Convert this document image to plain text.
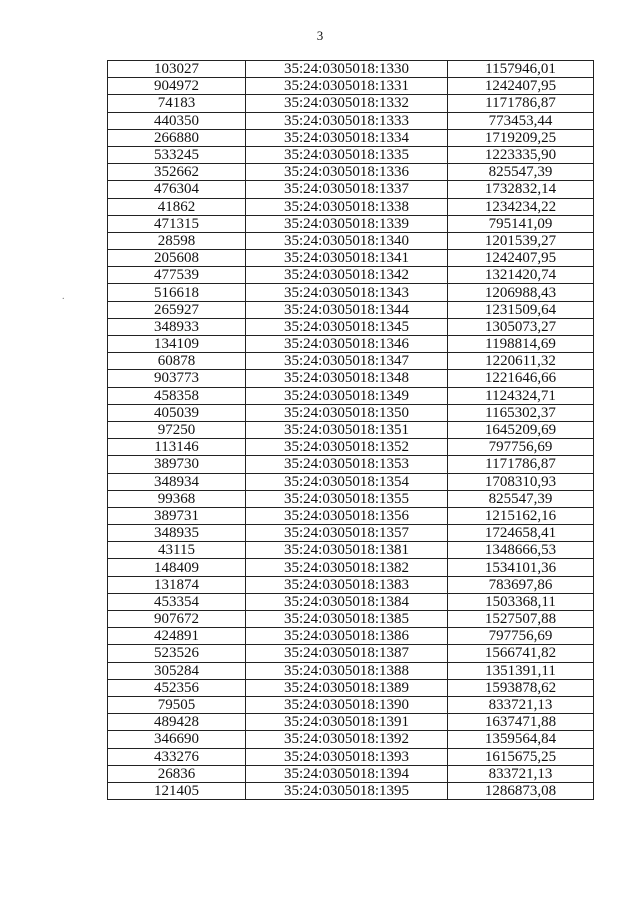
3
.
103027	35:24:0305018:1330	1157946,01
904972	35:24:0305018:1331	1242407,95
74183	35:24:0305018:1332	1171786,87
440350	35:24:0305018:1333	773453,44
266880	35:24:0305018:1334	1719209,25
533245	35:24:0305018:1335	1223335,90
352662	35:24:0305018:1336	825547,39
476304	35:24:0305018:1337	1732832,14
41862	35:24:0305018:1338	1234234,22
471315	35:24:0305018:1339	795141,09
28598	35:24:0305018:1340	1201539,27
205608	35:24:0305018:1341	1242407,95
477539	35:24:0305018:1342	1321420,74
516618	35:24:0305018:1343	1206988,43
265927	35:24:0305018:1344	1231509,64
348933	35:24:0305018:1345	1305073,27
134109	35:24:0305018:1346	1198814,69
60878	35:24:0305018:1347	1220611,32
903773	35:24:0305018:1348	1221646,66
458358	35:24:0305018:1349	1124324,71
405039	35:24:0305018:1350	1165302,37
97250	35:24:0305018:1351	1645209,69
113146	35:24:0305018:1352	797756,69
389730	35:24:0305018:1353	1171786,87
348934	35:24:0305018:1354	1708310,93
99368	35:24:0305018:1355	825547,39
389731	35:24:0305018:1356	1215162,16
348935	35:24:0305018:1357	1724658,41
43115	35:24:0305018:1381	1348666,53
148409	35:24:0305018:1382	1534101,36
131874	35:24:0305018:1383	783697,86
453354	35:24:0305018:1384	1503368,11
907672	35:24:0305018:1385	1527507,88
424891	35:24:0305018:1386	797756,69
523526	35:24:0305018:1387	1566741,82
305284	35:24:0305018:1388	1351391,11
452356	35:24:0305018:1389	1593878,62
79505	35:24:0305018:1390	833721,13
489428	35:24:0305018:1391	1637471,88
346690	35:24:0305018:1392	1359564,84
433276	35:24:0305018:1393	1615675,25
26836	35:24:0305018:1394	833721,13
121405	35:24:0305018:1395	1286873,08
